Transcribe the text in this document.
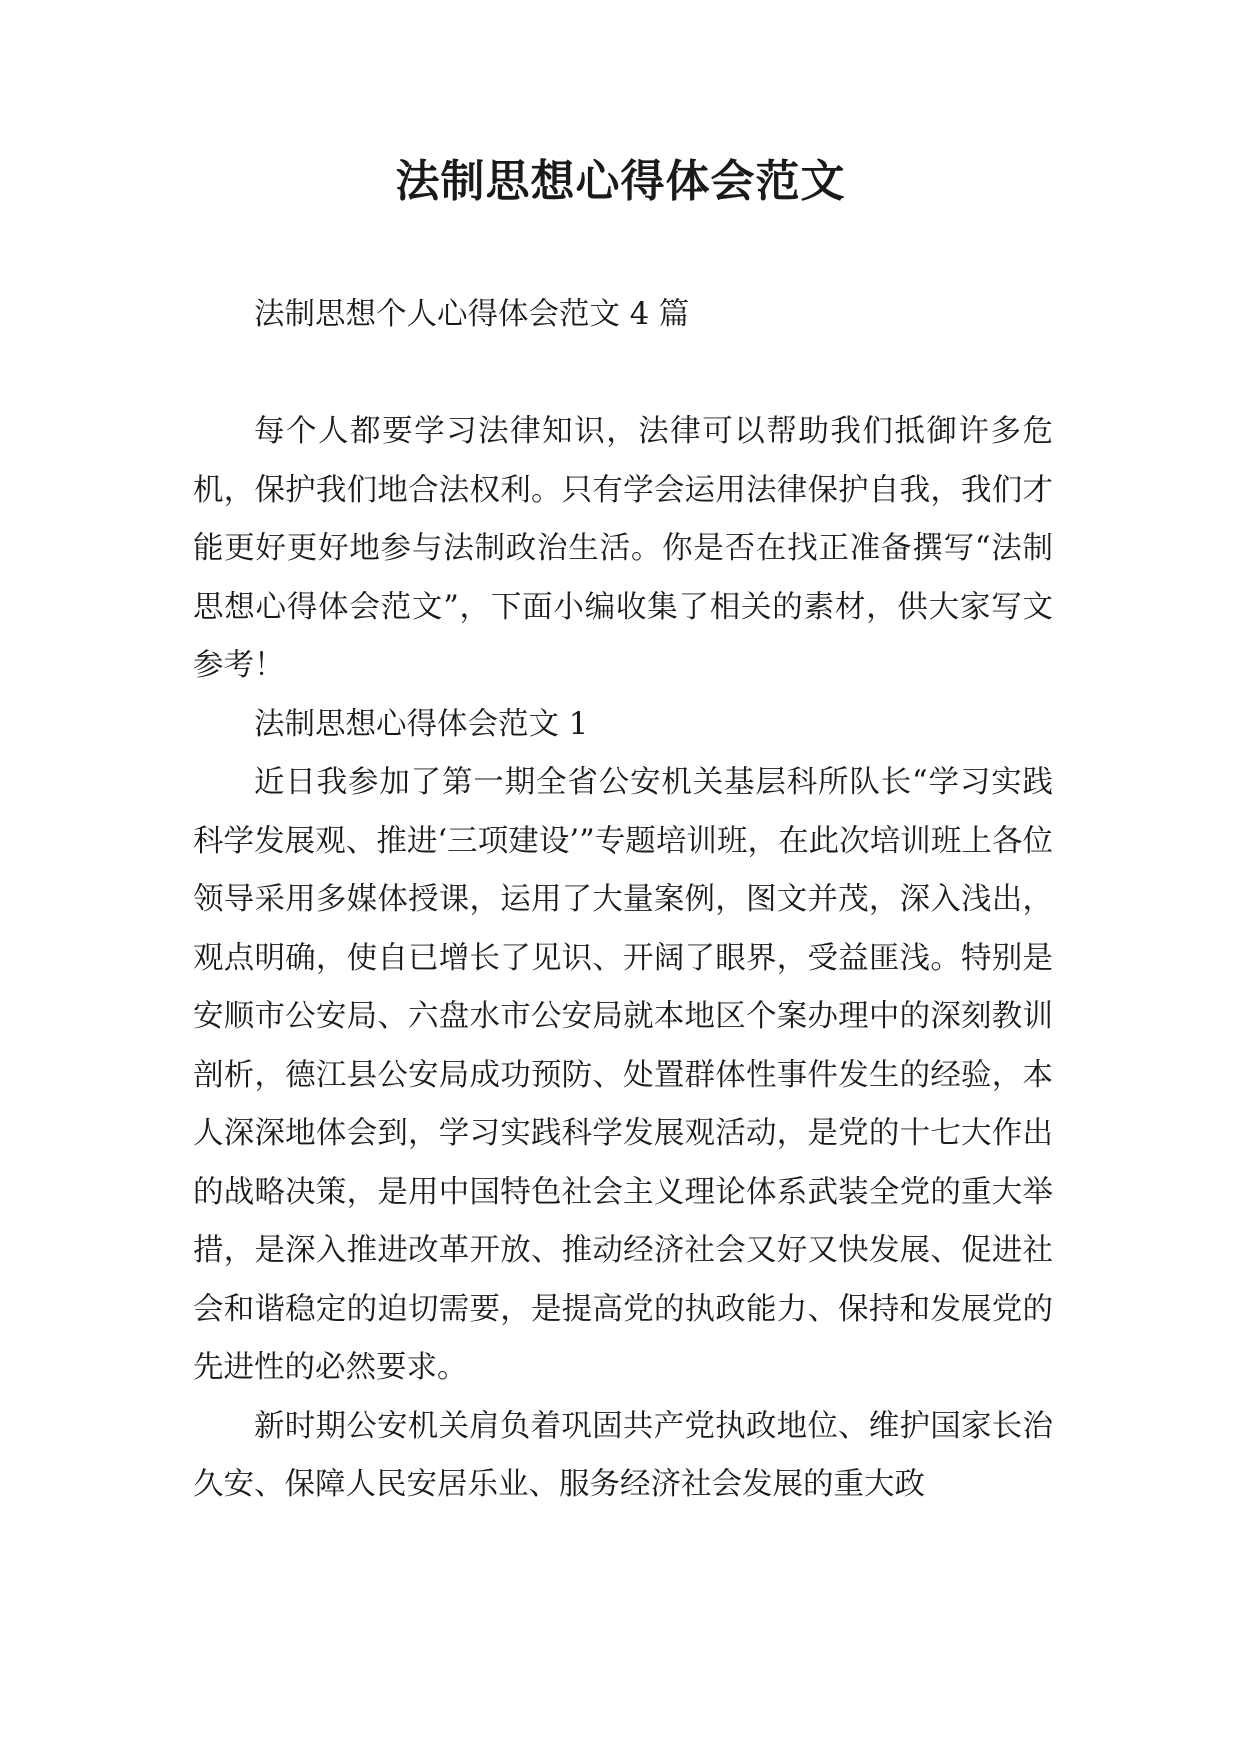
法制思想心得体会范文

法制思想个人心得体会范文 4 篇

每个人都要学习法律知识，法律可以帮助我们抵御许多危机，保护我们地合法权利。只有学会运用法律保护自我，我们才能更好更好地参与法制政治生活。你是否在找正准备撰写“法制思想心得体会范文”，下面小编收集了相关的素材，供大家写文参考！

法制思想心得体会范文 1

近日我参加了第一期全省公安机关基层科所队长“学习实践科学发展观、推进‘三项建设’”专题培训班，在此次培训班上各位领导采用多媒体授课，运用了大量案例，图文并茂，深入浅出，观点明确，使自已增长了见识、开阔了眼界，受益匪浅。特别是安顺市公安局、六盘水市公安局就本地区个案办理中的深刻教训剖析，德江县公安局成功预防、处置群体性事件发生的经验，本人深深地体会到，学习实践科学发展观活动，是党的十七大作出的战略决策，是用中国特色社会主义理论体系武装全党的重大举措，是深入推进改革开放、推动经济社会又好又快发展、促进社会和谐稳定的迫切需要，是提高党的执政能力、保持和发展党的先进性的必然要求。

新时期公安机关肩负着巩固共产党执政地位、维护国家长治久安、保障人民安居乐业、服务经济社会发展的重大政
